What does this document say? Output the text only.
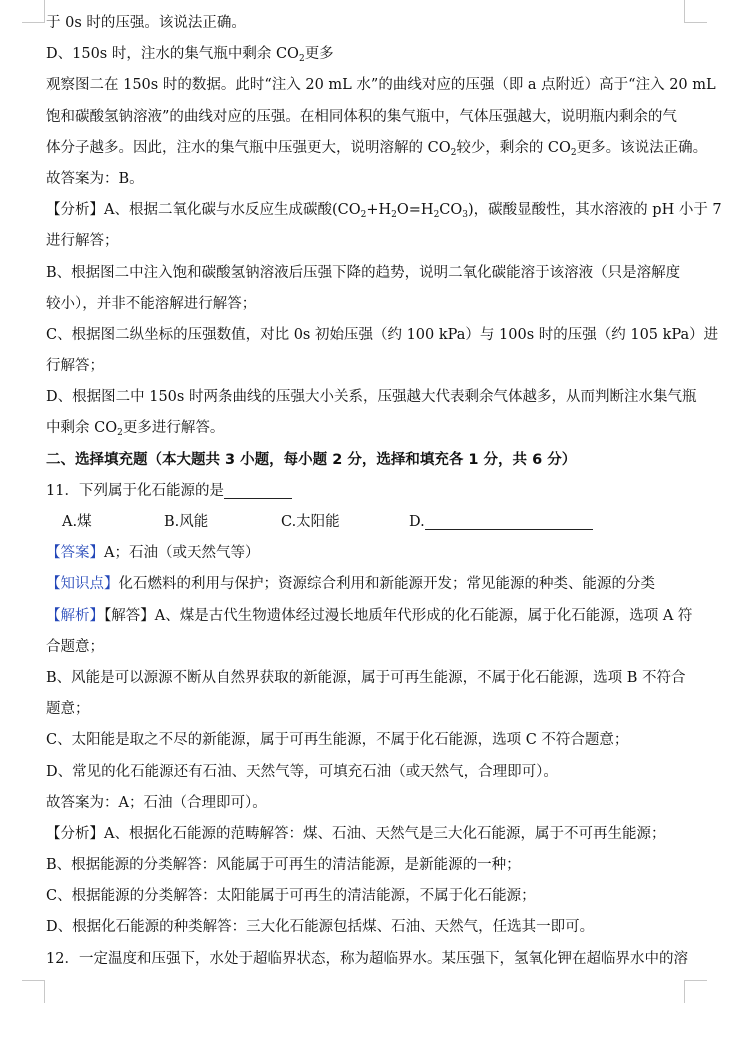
于 0s 时的压强。该说法正确。
D、150s 时，注水的集气瓶中剩余 $CO_2$更多
观察图二在 150s 时的数据。此时“注入 20 mL 水”的曲线对应的压强（即 a 点附近）高于“注入 20 mL
饱和碳酸氢钠溶液”的曲线对应的压强。在相同体积的集气瓶中，气体压强越大，说明瓶内剩余的气
体分子越多。因此，注水的集气瓶中压强更大，说明溶解的 $CO_2$较少，剩余的 $CO_2$更多。该说法正确。
故答案为：B。
【分析】A、根据二氧化碳与水反应生成碳酸$(CO_2+H_2O=H_2CO_3)$，碳酸显酸性，其水溶液的 pH 小于 7
进行解答；
B、根据图二中注入饱和碳酸氢钠溶液后压强下降的趋势，说明二氧化碳能溶于该溶液（只是溶解度
较小），并非不能溶解进行解答；
C、根据图二纵坐标的压强数值，对比 0s 初始压强（约 100 kPa）与 100s 时的压强（约 105 kPa）进
行解答；
D、根据图二中 150s 时两条曲线的压强大小关系，压强越大代表剩余气体越多，从而判断注水集气瓶
中剩余 $CO_2$更多进行解答。
二、选择填充题（本大题共 3 小题，每小题 2 分，选择和填充各 1 分，共 6 分）
11．下列属于化石能源的是
A.煤	B.风能	C.太阳能	D.
【答案】A；石油（或天然气等）
【知识点】化石燃料的利用与保护；资源综合利用和新能源开发；常见能源的种类、能源的分类
【解析】【解答】A、煤是古代生物遗体经过漫长地质年代形成的化石能源，属于化石能源，选项 A 符
合题意；
B、风能是可以源源不断从自然界获取的新能源，属于可再生能源，不属于化石能源，选项 B 不符合
题意；
C、太阳能是取之不尽的新能源，属于可再生能源，不属于化石能源，选项 C 不符合题意；
D、常见的化石能源还有石油、天然气等，可填充石油（或天然气，合理即可）。
故答案为：A；石油（合理即可）。
【分析】A、根据化石能源的范畴解答：煤、石油、天然气是三大化石能源，属于不可再生能源；
B、根据能源的分类解答：风能属于可再生的清洁能源，是新能源的一种；
C、根据能源的分类解答：太阳能属于可再生的清洁能源，不属于化石能源；
D、根据化石能源的种类解答：三大化石能源包括煤、石油、天然气，任选其一即可。
12．一定温度和压强下，水处于超临界状态，称为超临界水。某压强下，氢氧化钾在超临界水中的溶
